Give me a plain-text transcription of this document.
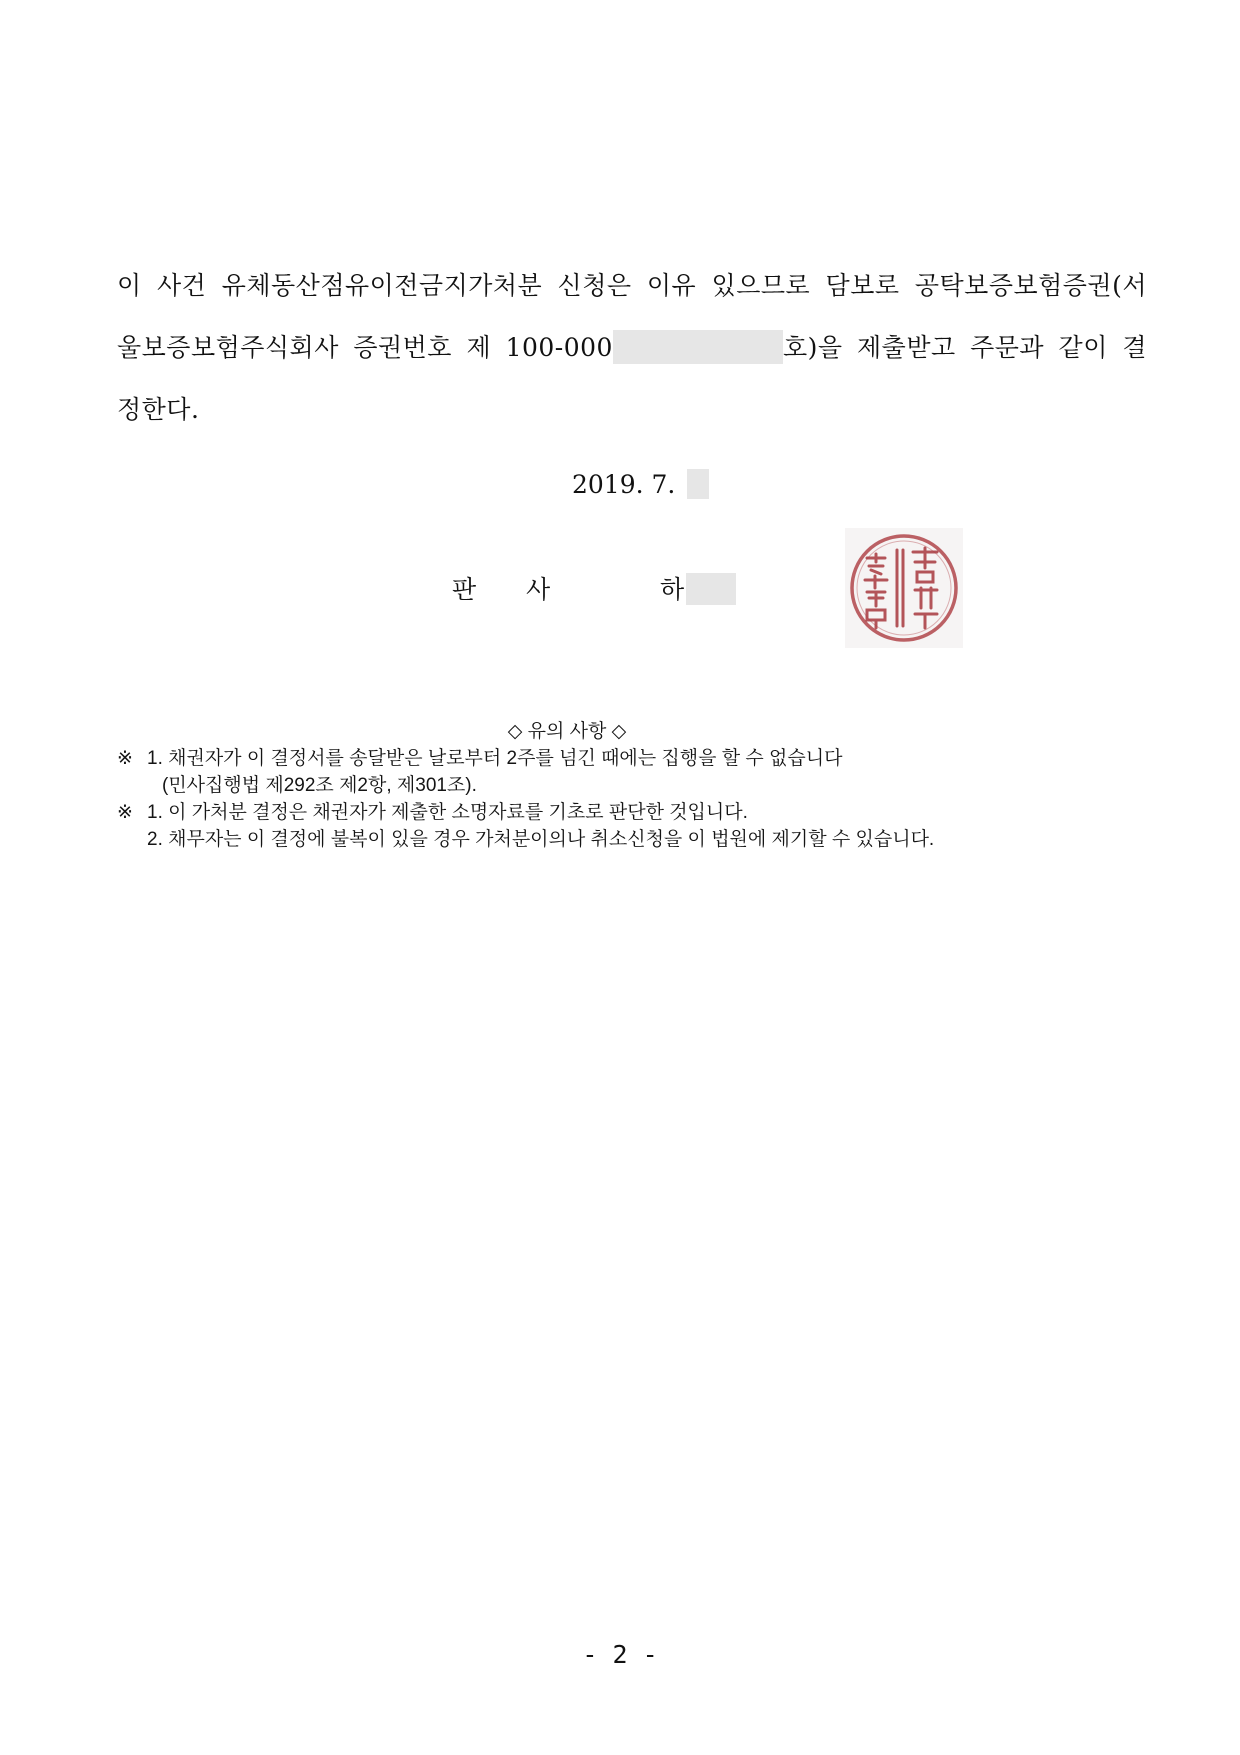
이 사건 유체동산점유이전금지가처분 신청은 이유 있으므로 담보로 공탁보증보험증권(서
울보증보험주식회사 증권번호 제 100-000	호)을 제출받고 주문과 같이 결
정한다.
2019. 7.
판 사	하
◇ 유의 사항 ◇
※ 1. 채권자가 이 결정서를 송달받은 날로부터 2주를 넘긴 때에는 집행을 할 수 없습니다
(민사집행법 제292조 제2항, 제301조).
※ 1. 이 가처분 결정은 채권자가 제출한 소명자료를 기초로 판단한 것입니다.
2. 채무자는 이 결정에 불복이 있을 경우 가처분이의나 취소신청을 이 법원에 제기할 수 있습니다.
- 2 -
